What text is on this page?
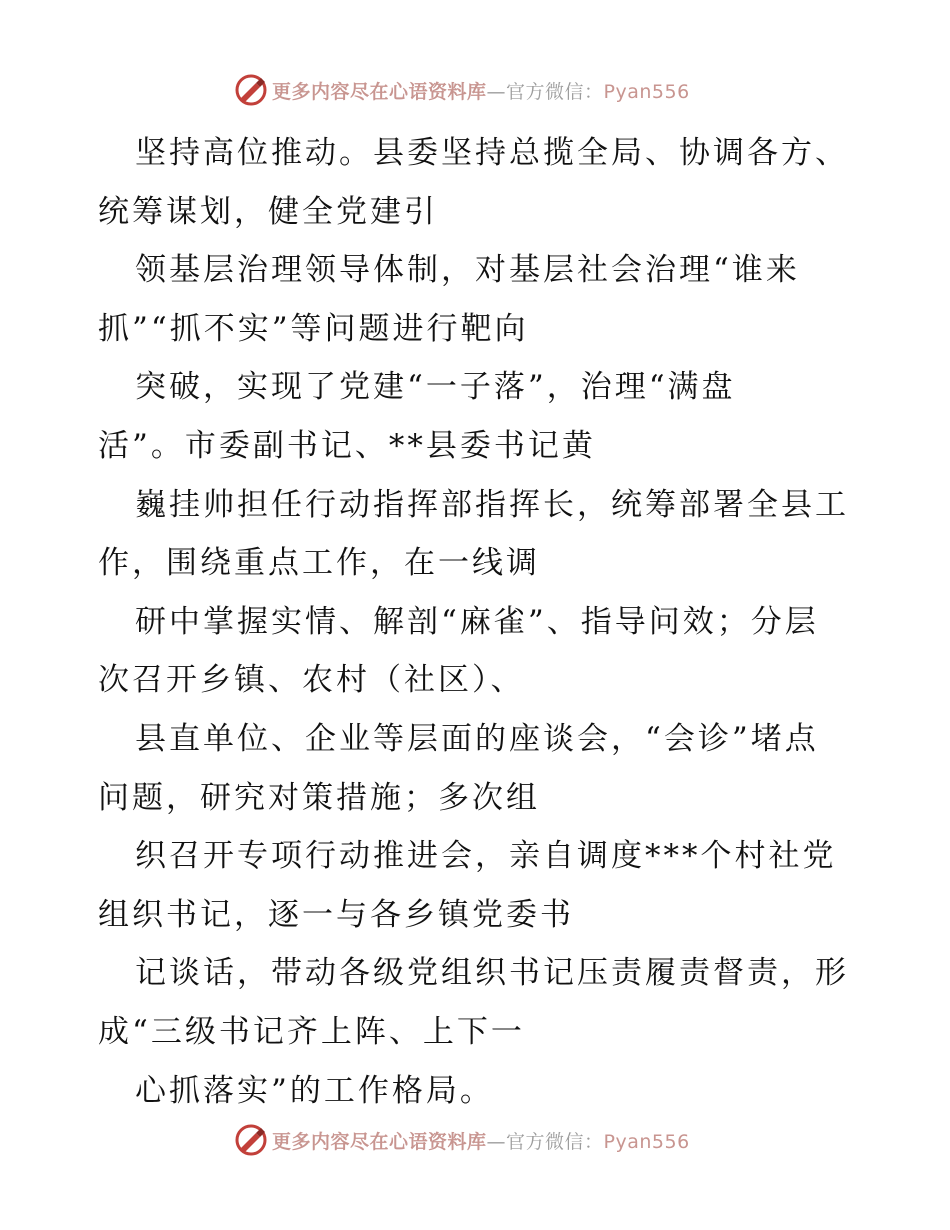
更多内容尽在心语资料库—官方微信：Pyan556
坚持高位推动。县委坚持总揽全局、协调各方、
统筹谋划，健全党建引
领基层治理领导体制，对基层社会治理“谁来
抓”“抓不实”等问题进行靶向
突破，实现了党建“一子落”，治理“满盘
活”。市委副书记、**县委书记黄
巍挂帅担任行动指挥部指挥长，统筹部署全县工
作，围绕重点工作，在一线调
研中掌握实情、解剖“麻雀”、指导问效；分层
次召开乡镇、农村（社区）、
县直单位、企业等层面的座谈会，“会诊”堵点
问题，研究对策措施；多次组
织召开专项行动推进会，亲自调度***个村社党
组织书记，逐一与各乡镇党委书
记谈话，带动各级党组织书记压责履责督责，形
成“三级书记齐上阵、上下一
心抓落实”的工作格局。
更多内容尽在心语资料库—官方微信：Pyan556
